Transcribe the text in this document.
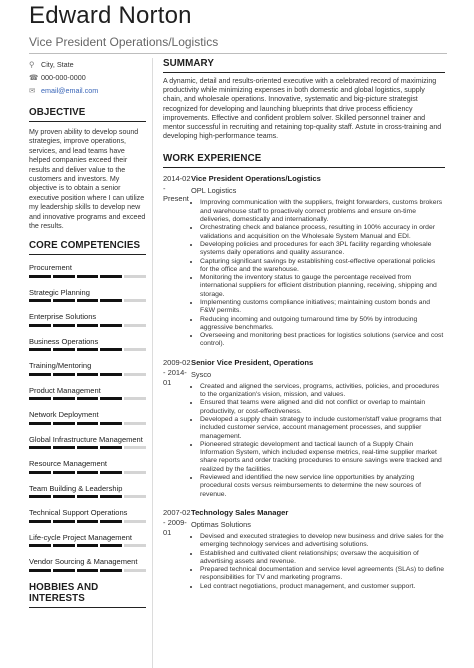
Edward Norton
Vice President Operations/Logistics
⚲ City, State
☎ 000-000-0000
✉ email@email.com
OBJECTIVE
My proven ability to develop sound strategies, improve operations, services, and lead teams have helped companies exceed their results and deliver value to the customers and investors. My objective is to obtain a senior executive position where I can utilize my leadership skills to develop new and innovative programs and exceed the results.
CORE COMPETENCIES
Procurement
Strategic Planning
Enterprise Solutions
Business Operations
Training/Mentoring
Product Management
Network Deployment
Global Infrastructure Management
Resource Management
Team Building & Leadership
Technical Support Operations
Life-cycle Project Management
Vendor Sourcing & Management
HOBBIES AND INTERESTS
SUMMARY
A dynamic, detail and results-oriented executive with a celebrated record of maximizing productivity while minimizing expenses in both domestic and global logistics, supply chain, and wholesale operations. Innovative, systematic and big-picture strategist recognized for developing and launching blueprints that drive process efficiency improvements. Effective and confident problem solver. Skilled personnel trainer and mentor successful in recruiting and retaining top-quality staff. Astute in cross-training and developing high-performance teams.
WORK EXPERIENCE
2014-02 - Present
Vice President Operations/Logistics
OPL Logistics
• Improving communication with the suppliers, freight forwarders, customs brokers and warehouse staff to proactively correct problems and ensure on-time deliveries, domestically and internationally.
• Orchestrating check and balance process, resulting in 100% accuracy in order validations and acquisition on the Wholesale System Manual and EDI.
• Developing policies and procedures for each 3PL facility regarding wholesale systems daily operations and quality assurance.
• Capturing significant savings by establishing cost-effective operational policies for the office and the warehouse.
• Monitoring the inventory status to gauge the percentage received from international suppliers for efficient distribution planning, receiving, shipping and storage.
• Implementing customs compliance initiatives; maintaining custom bonds and F&W permits.
• Reducing incoming and outgoing turnaround time by 50% by introducing aggressive benchmarks.
• Overseeing and monitoring best practices for logistics solutions (service and cost control).
2009-02 - 2014-01
Senior Vice President, Operations
Sysco
• Created and aligned the services, programs, activities, policies, and procedures to the organization's vision, mission, and values.
• Ensured that teams were aligned and did not conflict or overlap to maintain productivity, or cost-effectiveness.
• Developed a supply chain strategy to include customer/staff value programs that included customer service, account management processes, and supplier management.
• Pioneered strategic development and tactical launch of a Supply Chain Information System, which included expense metrics, real-time supplier market share reports and order tracking procedures to ensure savings were tracked and realized by the facilities.
• Reviewed and identified the new service line opportunities by analyzing procedural costs versus reimbursements to determine the new sources of revenue.
2007-02 - 2009-01
Technology Sales Manager
Optimas Solutions
• Devised and executed strategies to develop new business and drive sales for the emerging technology services and advertising solutions.
• Established and cultivated client relationships; oversaw the acquisition of advertising assets and revenue.
• Prepared technical documentation and service level agreements (SLAs) to define responsibilities for TV and marketing programs.
• Led contract negotiations, product management, and customer support.
